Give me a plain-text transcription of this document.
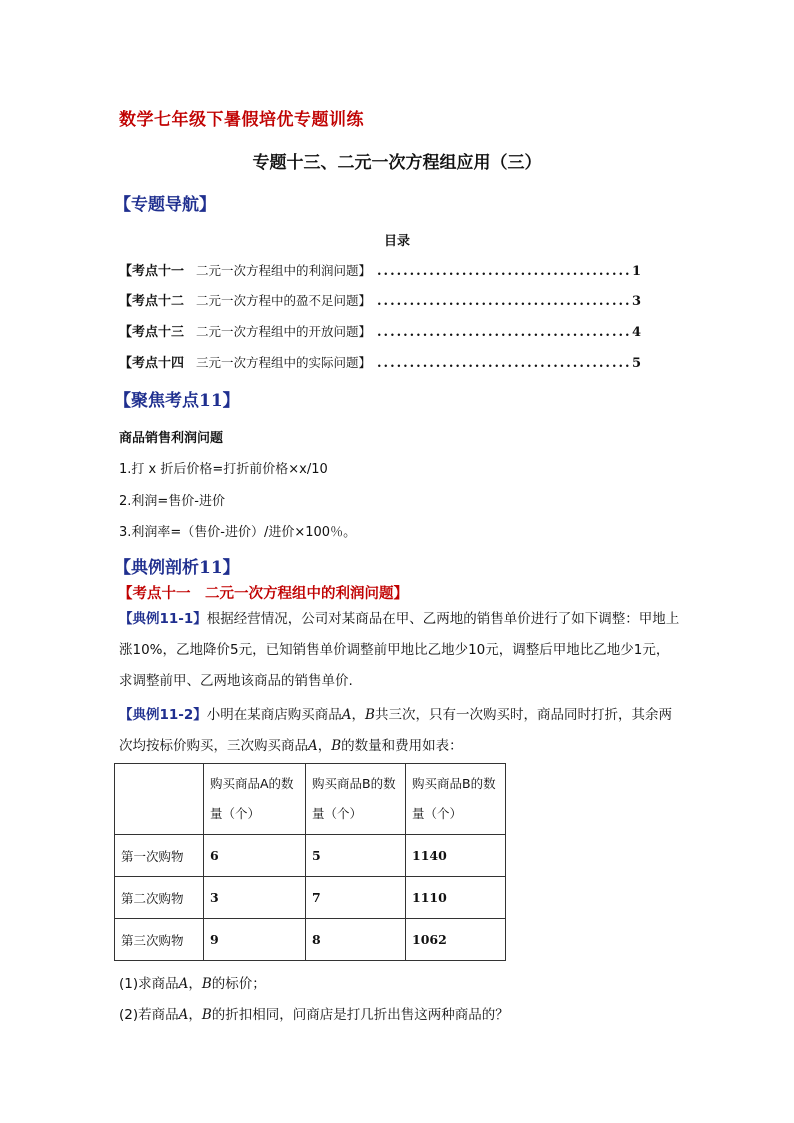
数学七年级下暑假培优专题训练
专题十三、二元一次方程组应用（三）
【专题导航】
目录
【考点十一 二元一次方程组中的利润问题】 .....	1
【考点十二 二元一次方程中的盈不足问题】 .....	3
【考点十三 二元一次方程组中的开放问题】 .....	4
【考点十四 三元一次方程组中的实际问题】 .....	5
【聚焦考点11】
商品销售利润问题
1.打 x 折后价格=打折前价格×x/10
2.利润=售价-进价
3.利润率=（售价-进价）/进价×100％。
【典例剖析11】
【考点十一　二元一次方程组中的利润问题】
【典例11-1】根据经营情况，公司对某商品在甲、乙两地的销售单价进行了如下调整：甲地上涨10%，乙地降价5元，已知销售单价调整前甲地比乙地少10元，调整后甲地比乙地少1元，求调整前甲、乙两地该商品的销售单价.
【典例11-2】小明在某商店购买商品A，B共三次，只有一次购买时，商品同时打折，其余两次均按标价购买，三次购买商品A，B的数量和费用如表：
	购买商品A的数量（个）	购买商品B的数量（个）	购买商品B的数量（个）
第一次购物	6	5	1140
第二次购物	3	7	1110
第三次购物	9	8	1062
(1)求商品A，B的标价；
(2)若商品A，B的折扣相同，问商店是打几折出售这两种商品的？
